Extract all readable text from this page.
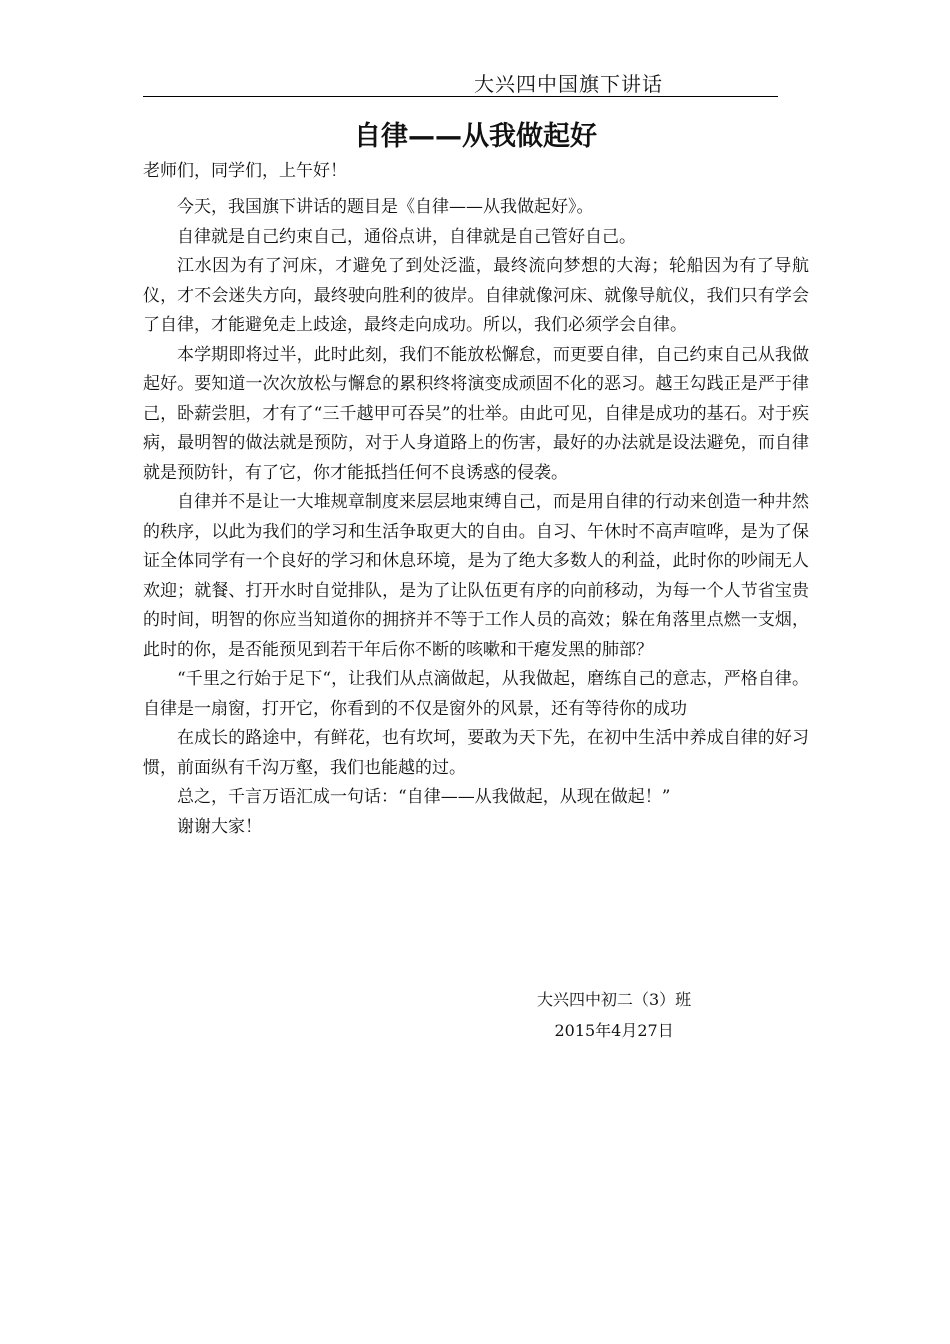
大兴四中国旗下讲话
自律——从我做起好
老师们，同学们，上午好！

今天，我国旗下讲话的题目是《自律——从我做起好》。

自律就是自己约束自己，通俗点讲，自律就是自己管好自己。

江水因为有了河床，才避免了到处泛滥，最终流向梦想的大海；轮船因为有了导航仪，才不会迷失方向，最终驶向胜利的彼岸。自律就像河床、就像导航仪，我们只有学会了自律，才能避免走上歧途，最终走向成功。所以，我们必须学会自律。

本学期即将过半，此时此刻，我们不能放松懈怠，而更要自律，自己约束自己从我做起好。要知道一次次放松与懈怠的累积终将演变成顽固不化的恶习。越王勾践正是严于律己，卧薪尝胆，才有了“三千越甲可吞吴”的壮举。由此可见，自律是成功的基石。对于疾病，最明智的做法就是预防，对于人身道路上的伤害，最好的办法就是设法避免，而自律就是预防针，有了它，你才能抵挡任何不良诱惑的侵袭。

自律并不是让一大堆规章制度来层层地束缚自己，而是用自律的行动来创造一种井然的秩序，以此为我们的学习和生活争取更大的自由。自习、午休时不高声喧哗，是为了保证全体同学有一个良好的学习和休息环境，是为了绝大多数人的利益，此时你的吵闹无人欢迎；就餐、打开水时自觉排队，是为了让队伍更有序的向前移动，为每一个人节省宝贵的时间，明智的你应当知道你的拥挤并不等于工作人员的高效；躲在角落里点燃一支烟，此时的你，是否能预见到若干年后你不断的咳嗽和干瘪发黑的肺部？

“千里之行始于足下“，让我们从点滴做起，从我做起，磨练自己的意志，严格自律。自律是一扇窗，打开它，你看到的不仅是窗外的风景，还有等待你的成功

在成长的路途中，有鲜花，也有坎坷，要敢为天下先，在初中生活中养成自律的好习惯，前面纵有千沟万壑，我们也能越的过。

总之，千言万语汇成一句话：“自律——从我做起，从现在做起！”

谢谢大家！

大兴四中初二（3）班
2015年4月27日
